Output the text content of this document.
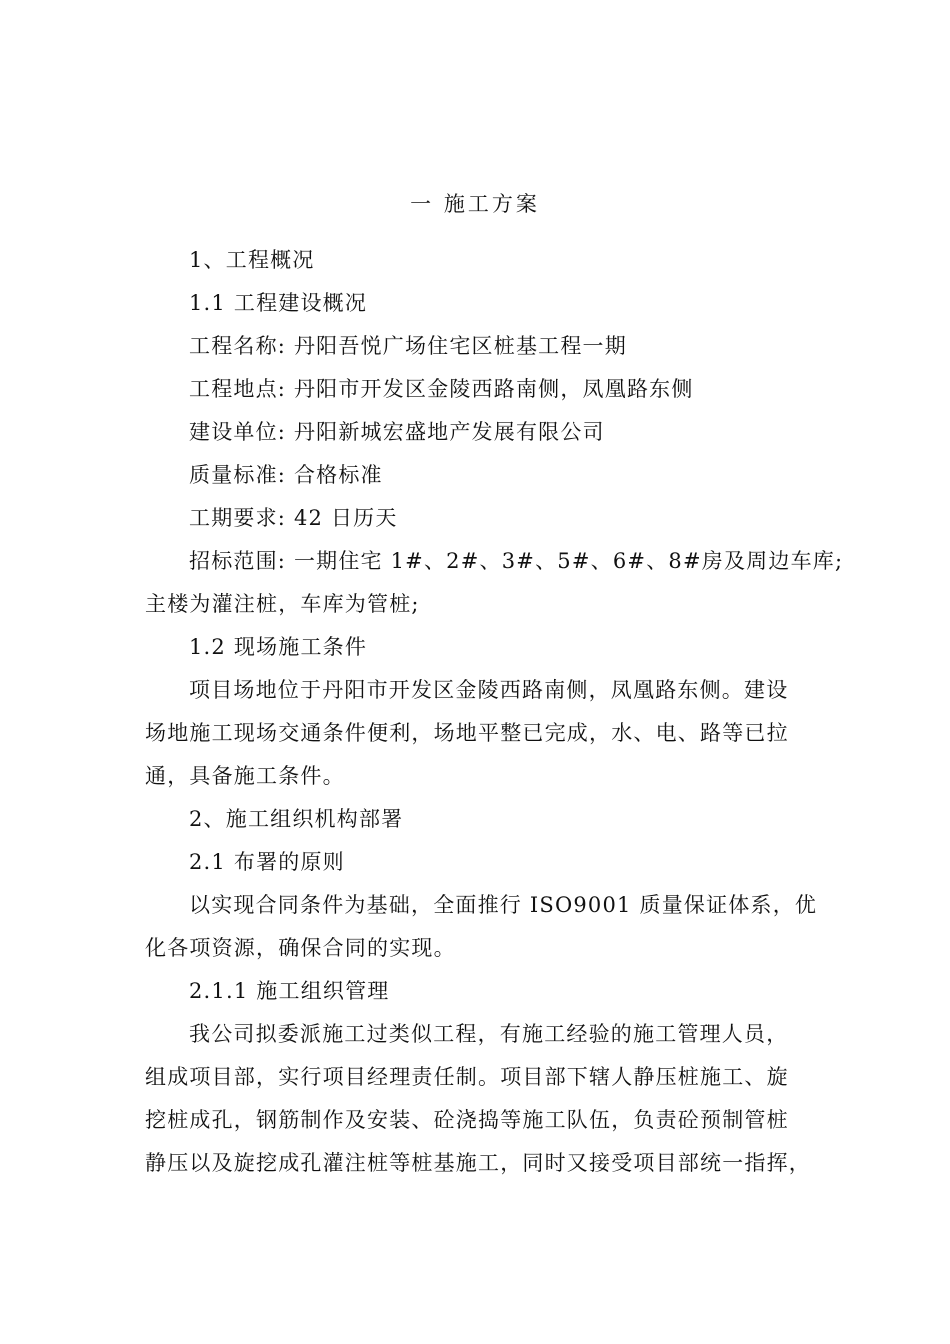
一 施工方案
1、工程概况
1.1 工程建设概况
工程名称: 丹阳吾悦广场住宅区桩基工程一期
工程地点: 丹阳市开发区金陵西路南侧，凤凰路东侧
建设单位: 丹阳新城宏盛地产发展有限公司
质量标准: 合格标准
工期要求: 42 日历天
招标范围: 一期住宅 1#、2#、3#、5#、6#、8#房及周边车库;
主楼为灌注桩，车库为管桩;
1.2 现场施工条件
项目场地位于丹阳市开发区金陵西路南侧，凤凰路东侧。建设
场地施工现场交通条件便利，场地平整已完成，水、电、路等已拉
通，具备施工条件。
2、施工组织机构部署
2.1 布署的原则
以实现合同条件为基础，全面推行 ISO9001 质量保证体系，优
化各项资源，确保合同的实现。
2.1.1 施工组织管理
我公司拟委派施工过类似工程，有施工经验的施工管理人员，
组成项目部，实行项目经理责任制。项目部下辖人静压桩施工、旋
挖桩成孔，钢筋制作及安装、砼浇捣等施工队伍，负责砼预制管桩
静压以及旋挖成孔灌注桩等桩基施工，同时又接受项目部统一指挥，
